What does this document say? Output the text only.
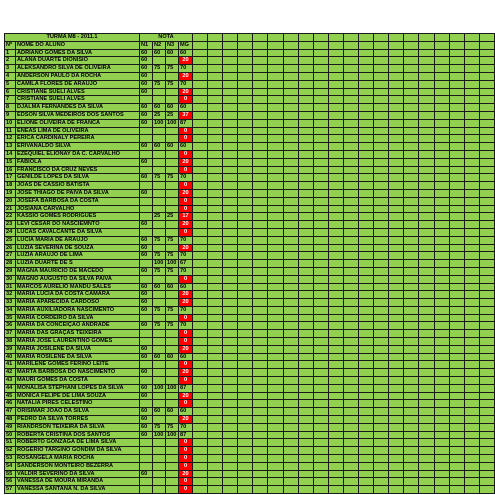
TURMA M8 - 2011.1		NOTA																							
Nº	NOME DO ALUNO	N1	N2	N3	MG																				
1	ADRIANO GOMES DA SILVA	60	60	60	60																				
2	ALANA DUARTE DIONISIO	60			20																				
3	ALEKSANDRO SILVA DE OLIVEIRA	60	75	75	70																				
4	ANDERSON PAULO DA ROCHA	60			20																				
5	CAMILA FLORES DE ARAUJO	60	75	75	70																				
6	CRISTIANE SUELI ALVES	60			20																				
7	CRISTIANE SUELI ALVES				0																				
8	DJALMA FERNANDES DA SILVA	60	60	60	60																				
9	EDSON SILVA MEDEIROS DOS SANTOS	60	25	25	37																				
10	ELIONE OLIVEIRA DE FRANCA	60	100	100	87																				
11	ENEAS LIMA DE OLIVEIRA				0																				
12	ERICA CARDINALY PEREIRA				0																				
13	ERIVANALDO SILVA	60	60	60	60																				
14	EZEQUIEL ELIONAY DA C. CARVALHO				0																				
15	FABIOLA	60			20																				
16	FRANCISCO DA CRUZ NEVES				0																				
17	GENILDE LOPES DA SILVA	60	75	75	70																				
18	JOAS DE CASSIO BATISTA				0																				
19	JOSE THIAGO DE PAIVA DA SILVA	60			20																				
20	JOSEFA BARBOSA DA COSTA				0																				
21	JOSIANA CARVALHO				0																				
22	KASSIO GOMES RODRIGUES		25	25	17																				
23	LEVI CESAR DO NASCIEMNTO	60			20																				
24	LUCAS CAVALCANTE DA SILVA				0																				
25	LUCIA MARIA DE ARAUJO	60	75	75	70																				
26	LUZIA SEVERINA DE SOUZA	60			20																				
27	LUZIA ARAUJO DE LIMA	60	75	75	70																				
28	LUZIA DUARTE DE S		100	100	67																				
29	MAGNA MAURICIO DE MACEDO	60	75	75	70																				
30	MAGNO AUGUSTO DA SILVA PAIVA				0																				
31	MARCOS AURELIO MANDU SALES	60	60	60	60																				
32	MARIA LUCIA DA COSTA CAMARA	60			20																				
33	MARIA APARECIDA CARDOSO	60			20																				
34	MARIA AUXILIADORA NASCIMENTO	60	75	75	70																				
35	MARIA CORDEIRO DA SILVA				0																				
36	MARIA DA CONCEIÇÃO ANDRADE	60	75	75	70																				
37	MARIA DAS GRAÇAS TEIXEIRA				0																				
38	MARIA JOSE LAURENTINO GOMES				0																				
39	MARIA JOSILENE DA SILVA	60			20																				
40	MARIA ROSILENE DA SILVA	60	60	60	60																				
41	MARILENE GOMES FERINO LEITE				0																				
42	MARTA BARBOSA DO NASCIMENTO	60			20																				
43	MAURI GOMES DA COSTA				0																				
44	MONALISA STEPHANI LOPES DA SILVA	60	100	100	87																				
45	MONICA FELIPE DE LIMA SOUZA	60			20																				
46	NATALIA PIRES CELESTINO				0																				
47	ORISIMAR JOAO DA SILVA	60	60	60	60																				
48	PEDRO DA SILVA TORRES	60			20																				
49	RIANDRSON TEIXEIRA DA SILVA	60	75	75	70																				
50	ROBERTA CRISTINA DOS SANTOS	60	100	100	87																				
51	ROBERTO GONZAGA DE LIMA SILVA				0																				
52	ROGERIO TARGINO GONDIM DA SILVA				0																				
53	ROSANGELA MARIA ROCHA				0																				
54	SANDERSON MONTEIRO BEZERRA				0																				
55	VALDIR SEVERINO DA SILVA	60			20																				
56	VANESSA DE MOURA MIRANDA				0																				
57	VANESSA SANTANA N. DA SILVA				0																				
